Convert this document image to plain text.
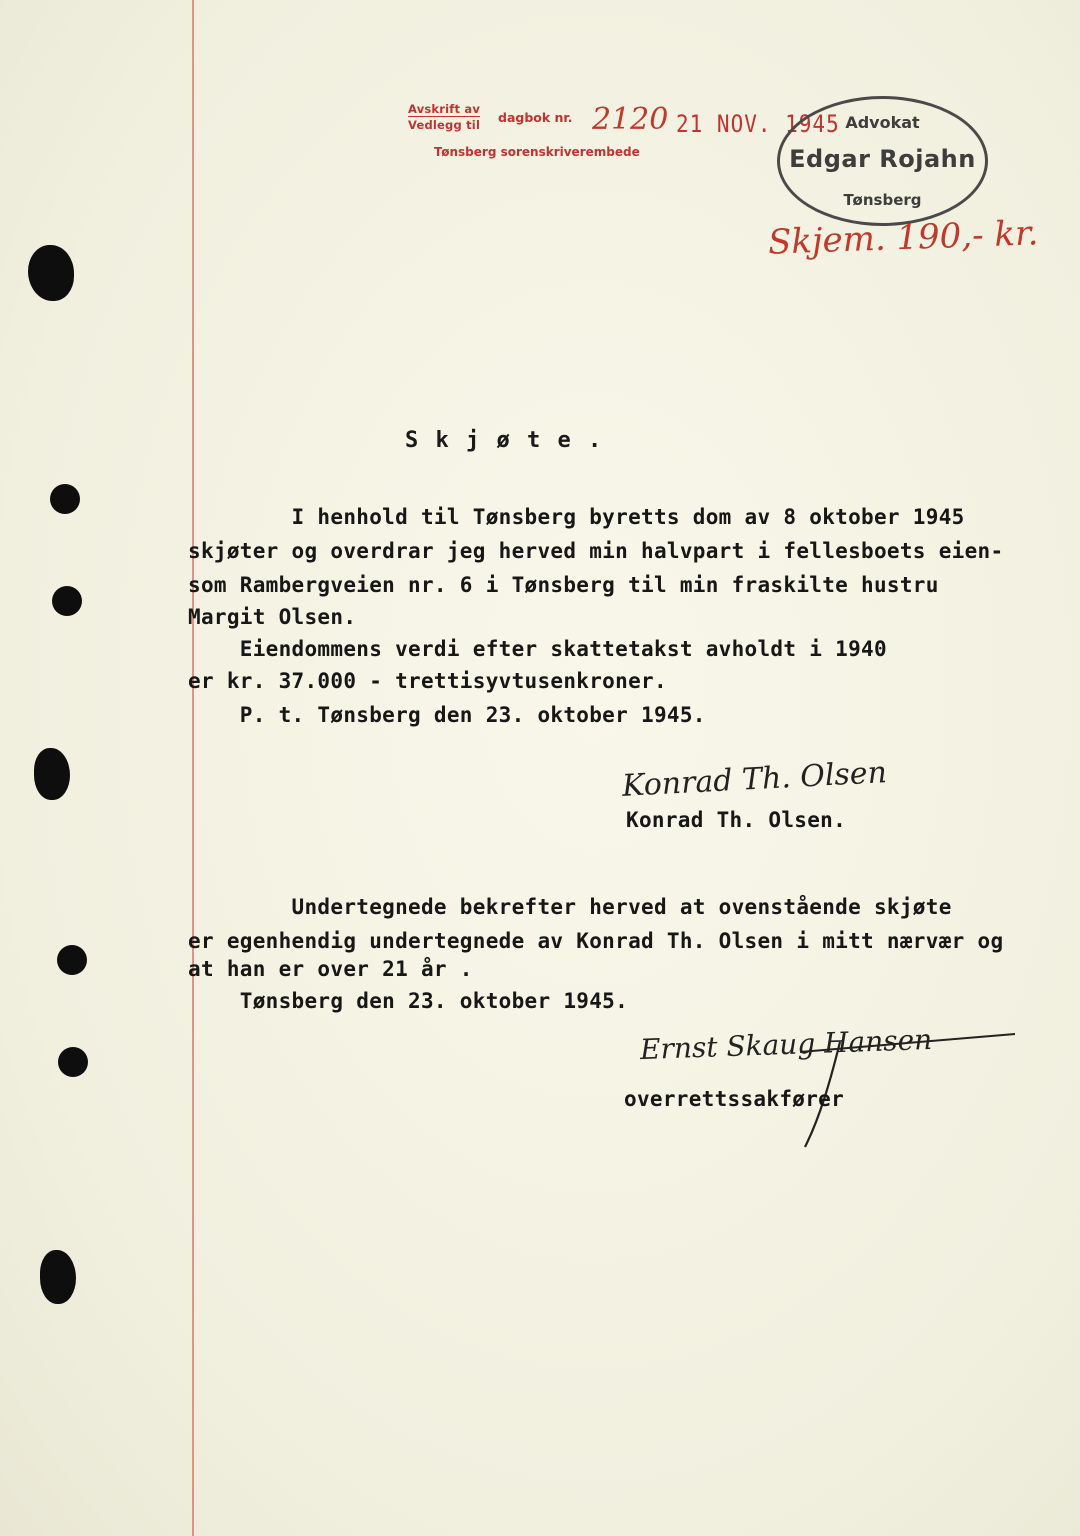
Avskrift av
Vedlegg til dagbok nr. 2120 21 NOV. 1945
Tønsberg sorenskriverembede
Advokat
Edgar Rojahn
Tønsberg
Skjem. 190,- kr.
S k j ø t e .
I henhold til Tønsberg byretts dom av 8 oktober 1945
skjøter og overdrar jeg herved min halvpart i fellesboets eien-
som Rambergveien nr. 6 i Tønsberg til min fraskilte hustru
Margit Olsen.
Eiendommens verdi efter skattetakst avholdt i 1940
er kr. 37.000 - trettisyvtusenkroner.
P. t. Tønsberg den 23. oktober 1945.
Konrad Th. Olsen
Konrad Th. Olsen.
Undertegnede bekrefter herved at ovenstående skjøte
er egenhendig undertegnede av Konrad Th. Olsen i mitt nærvær og
at han er over 21 år .
Tønsberg den 23. oktober 1945.
Ernst Skaug Hansen
overrettssakfører
